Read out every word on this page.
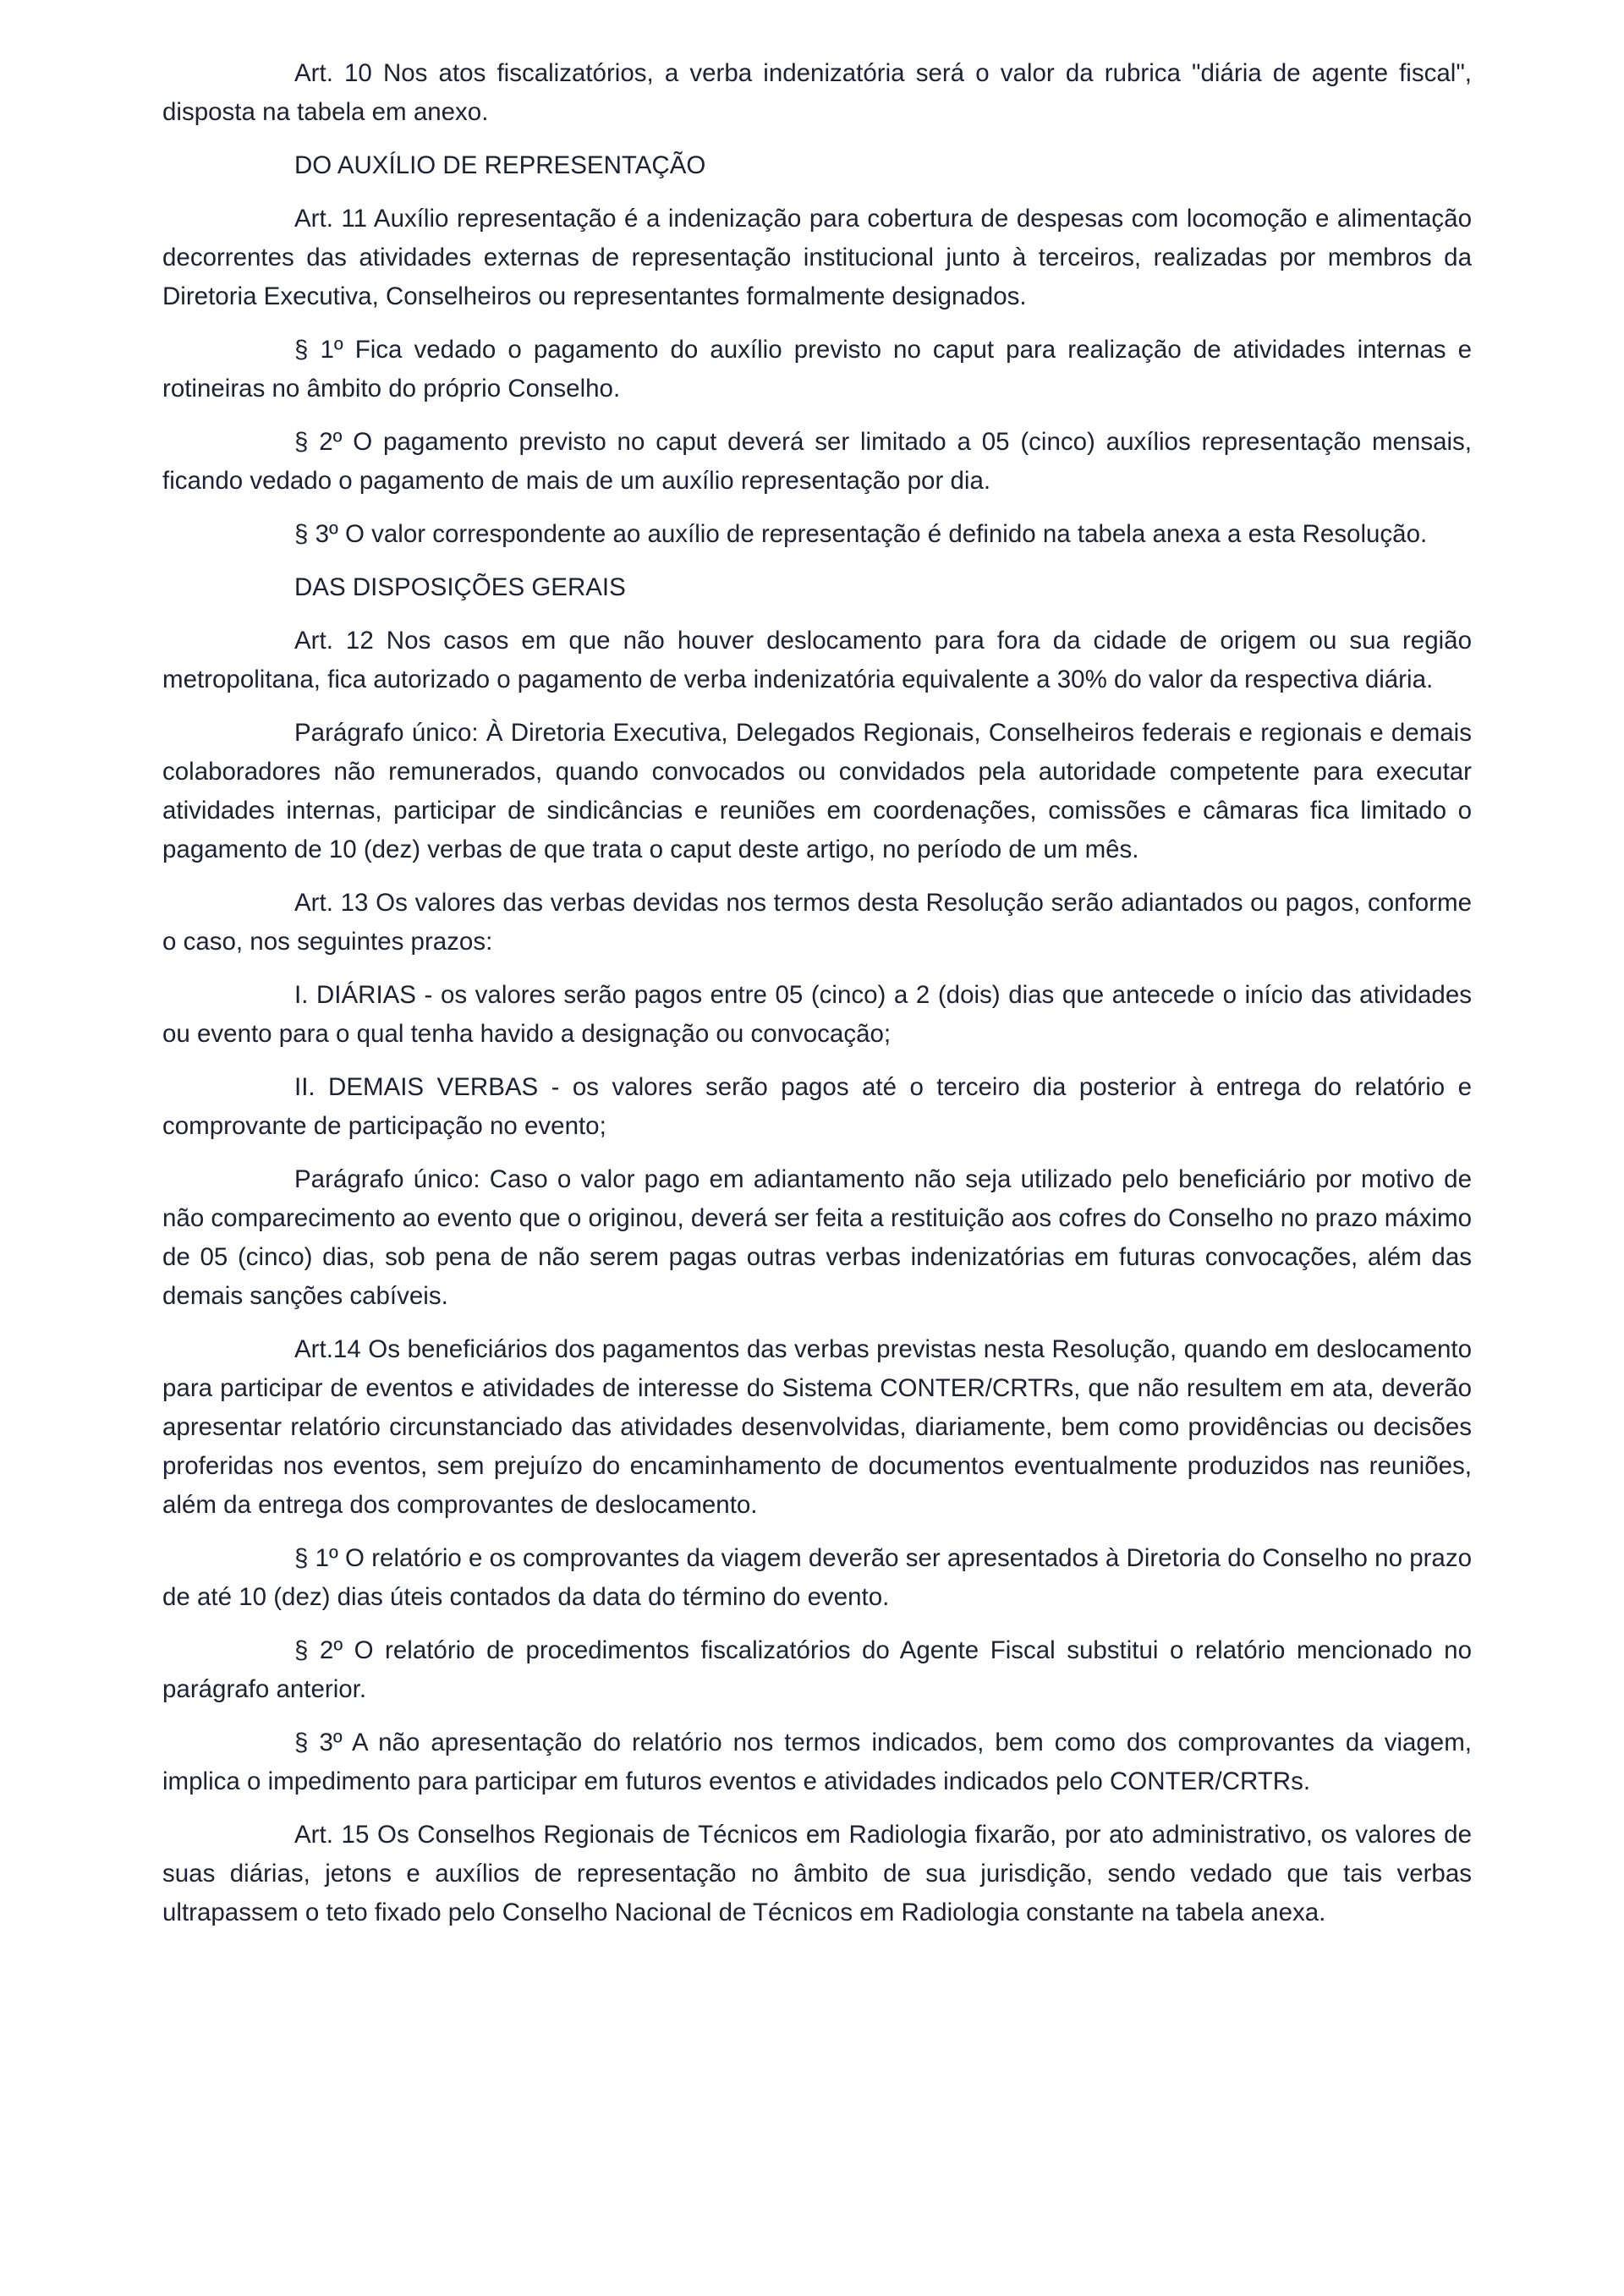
Art. 10 Nos atos fiscalizatórios, a verba indenizatória será o valor da rubrica "diária de agente fiscal", disposta na tabela em anexo.

DO AUXÍLIO DE REPRESENTAÇÃO

Art. 11 Auxílio representação é a indenização para cobertura de despesas com locomoção e alimentação decorrentes das atividades externas de representação institucional junto à terceiros, realizadas por membros da Diretoria Executiva, Conselheiros ou representantes formalmente designados.

§ 1º Fica vedado o pagamento do auxílio previsto no caput para realização de atividades internas e rotineiras no âmbito do próprio Conselho.

§ 2º O pagamento previsto no caput deverá ser limitado a 05 (cinco) auxílios representação mensais, ficando vedado o pagamento de mais de um auxílio representação por dia.

§ 3º O valor correspondente ao auxílio de representação é definido na tabela anexa a esta Resolução.

DAS DISPOSIÇÕES GERAIS

Art. 12 Nos casos em que não houver deslocamento para fora da cidade de origem ou sua região metropolitana, fica autorizado o pagamento de verba indenizatória equivalente a 30% do valor da respectiva diária.

Parágrafo único: À Diretoria Executiva, Delegados Regionais, Conselheiros federais e regionais e demais colaboradores não remunerados, quando convocados ou convidados pela autoridade competente para executar atividades internas, participar de sindicâncias e reuniões em coordenações, comissões e câmaras fica limitado o pagamento de 10 (dez) verbas de que trata o caput deste artigo, no período de um mês.

Art. 13 Os valores das verbas devidas nos termos desta Resolução serão adiantados ou pagos, conforme o caso, nos seguintes prazos:

I. DIÁRIAS - os valores serão pagos entre 05 (cinco) a 2 (dois) dias que antecede o início das atividades ou evento para o qual tenha havido a designação ou convocação;

II. DEMAIS VERBAS - os valores serão pagos até o terceiro dia posterior à entrega do relatório e comprovante de participação no evento;

Parágrafo único: Caso o valor pago em adiantamento não seja utilizado pelo beneficiário por motivo de não comparecimento ao evento que o originou, deverá ser feita a restituição aos cofres do Conselho no prazo máximo de 05 (cinco) dias, sob pena de não serem pagas outras verbas indenizatórias em futuras convocações, além das demais sanções cabíveis.

Art.14 Os beneficiários dos pagamentos das verbas previstas nesta Resolução, quando em deslocamento para participar de eventos e atividades de interesse do Sistema CONTER/CRTRs, que não resultem em ata, deverão apresentar relatório circunstanciado das atividades desenvolvidas, diariamente, bem como providências ou decisões proferidas nos eventos, sem prejuízo do encaminhamento de documentos eventualmente produzidos nas reuniões, além da entrega dos comprovantes de deslocamento.

§ 1º O relatório e os comprovantes da viagem deverão ser apresentados à Diretoria do Conselho no prazo de até 10 (dez) dias úteis contados da data do término do evento.

§ 2º O relatório de procedimentos fiscalizatórios do Agente Fiscal substitui o relatório mencionado no parágrafo anterior.

§ 3º A não apresentação do relatório nos termos indicados, bem como dos comprovantes da viagem, implica o impedimento para participar em futuros eventos e atividades indicados pelo CONTER/CRTRs.

Art. 15 Os Conselhos Regionais de Técnicos em Radiologia fixarão, por ato administrativo, os valores de suas diárias, jetons e auxílios de representação no âmbito de sua jurisdição, sendo vedado que tais verbas ultrapassem o teto fixado pelo Conselho Nacional de Técnicos em Radiologia constante na tabela anexa.
